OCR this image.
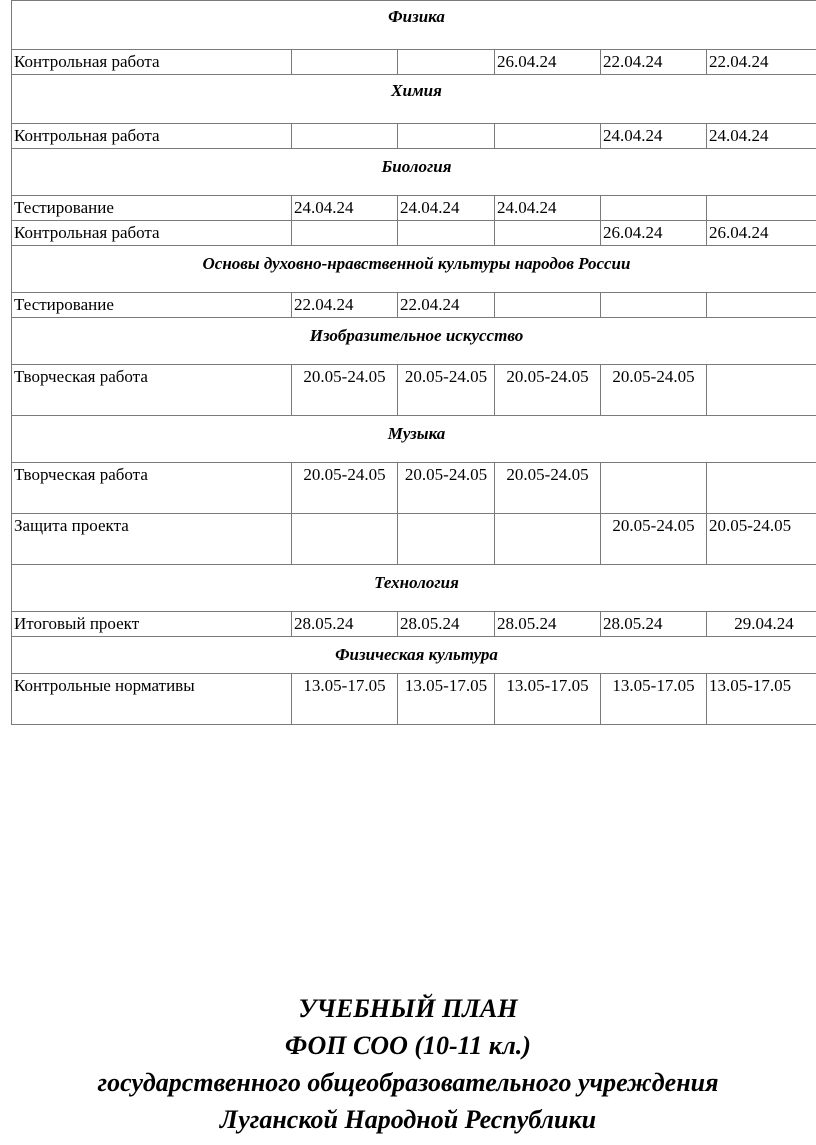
Физика					
Контрольная работа			26.04.24	22.04.24	22.04.24
Химия					
Контрольная работа				24.04.24	24.04.24
Биология					
Тестирование	24.04.24	24.04.24	24.04.24		
Контрольная работа				26.04.24	26.04.24
Основы духовно-нравственной культуры народов России					
Тестирование	22.04.24	22.04.24			
Изобразительное искусство					
Творческая работа	20.05-24.05	20.05-24.05	20.05-24.05	20.05-24.05	
Музыка					
Творческая работа	20.05-24.05	20.05-24.05	20.05-24.05		
Защита проекта				20.05-24.05	20.05-24.05
Технология					
Итоговый проект	28.05.24	28.05.24	28.05.24	28.05.24	29.04.24
Физическая культура					
Контрольные нормативы	13.05-17.05	13.05-17.05	13.05-17.05	13.05-17.05	13.05-17.05
УЧЕБНЫЙ ПЛАН
ФОП СОО (10-11 кл.)
государственного общеобразовательного учреждения
Луганской Народной Республики
